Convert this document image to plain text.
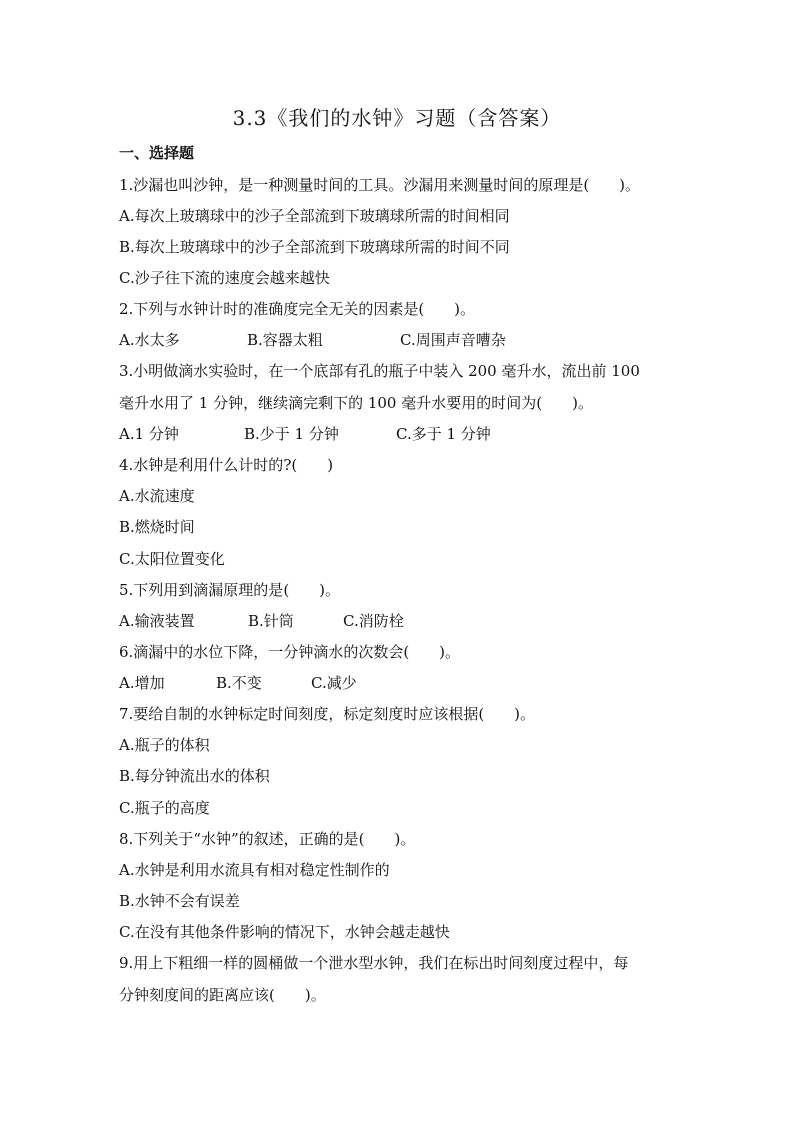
3.3《我们的水钟》习题（含答案）
一、选择题
1.沙漏也叫沙钟，是一种测量时间的工具。沙漏用来测量时间的原理是(　　)。
A.每次上玻璃球中的沙子全部流到下玻璃球所需的时间相同
B.每次上玻璃球中的沙子全部流到下玻璃球所需的时间不同
C.沙子往下流的速度会越来越快
2.下列与水钟计时的准确度完全无关的因素是(　　)。
A.水太多	B.容器太粗	C.周围声音嘈杂
3.小明做滴水实验时，在一个底部有孔的瓶子中装入 200 毫升水，流出前 100
毫升水用了 1 分钟，继续滴完剩下的 100 毫升水要用的时间为(　　)。
A.1 分钟	B.少于 1 分钟	C.多于 1 分钟
4.水钟是利用什么计时的?(　　)
A.水流速度
B.燃烧时间
C.太阳位置变化
5.下列用到滴漏原理的是(　　)。
A.输液装置	B.针筒	C.消防栓
6.滴漏中的水位下降，一分钟滴水的次数会(　　)。
A.增加	B.不变	C.减少
7.要给自制的水钟标定时间刻度，标定刻度时应该根据(　　)。
A.瓶子的体积
B.每分钟流出水的体积
C.瓶子的高度
8.下列关于“水钟”的叙述，正确的是(　　)。
A.水钟是利用水流具有相对稳定性制作的
B.水钟不会有误差
C.在没有其他条件影响的情况下，水钟会越走越快
9.用上下粗细一样的圆桶做一个泄水型水钟，我们在标出时间刻度过程中，每
分钟刻度间的距离应该(　　)。
